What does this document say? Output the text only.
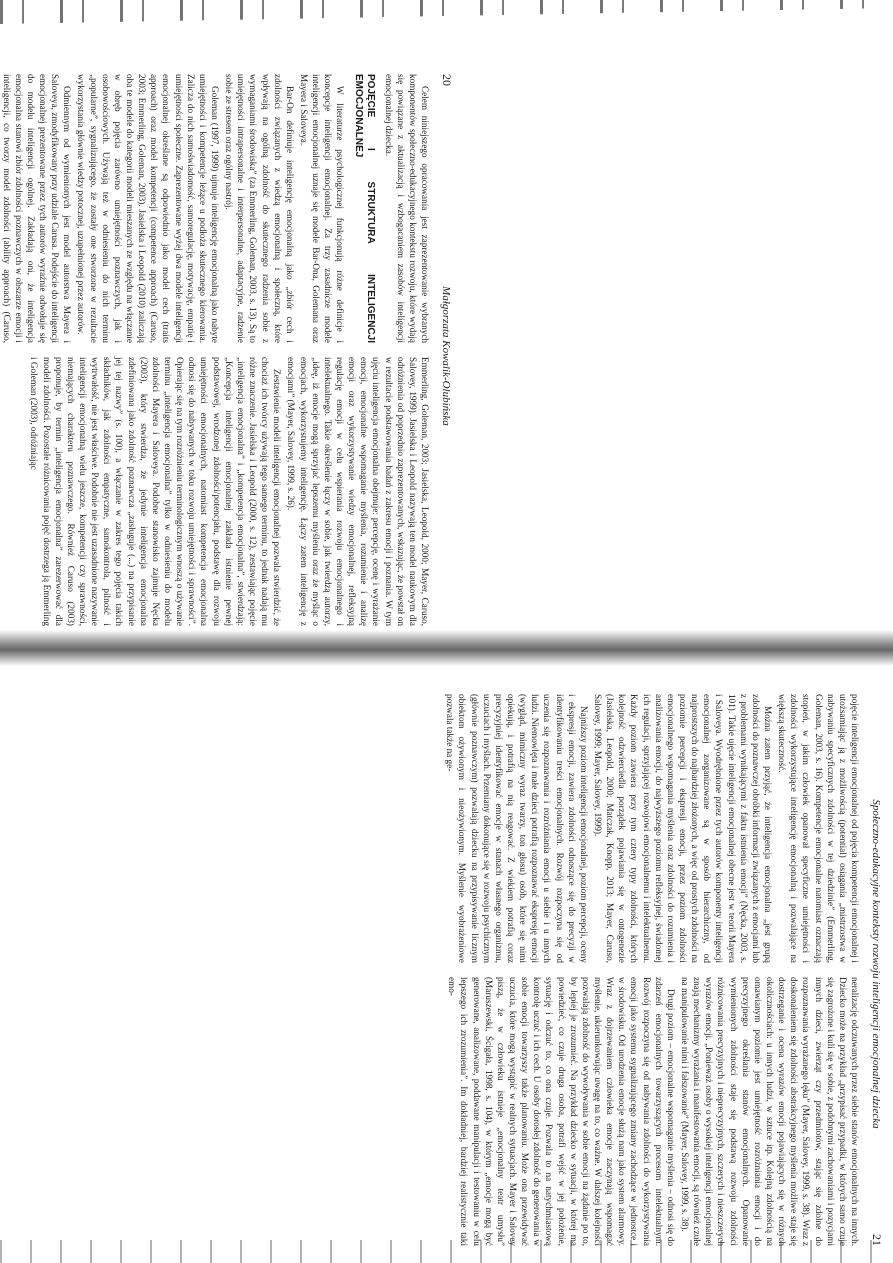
20
Małgorzata Kowalik-Olubińska

Celem niniejszego opracowania jest zaprezentowanie wybranych komponentów społeczno-edukacyjnego kontekstu rozwoju, które wydają się powiązane z aktualizacją i wzbogacaniem zasobów inteligencji emocjonalnej dziecka.

POJĘCIE I STRUKTURA INTELIGENCJI EMOCJONALNEJ

W literaturze psychologicznej funkcjonują różne definicje i koncepcje inteligencji emocjonalnej. Za trzy zasadnicze modele inteligencji emocjonalnej uznaje się modele Bar-Ona, Golemana oraz Mayera i Saloveya.

Bar-On definiuje inteligencję emocjonalną jako „zbiór cech i zdolności związanych z wiedzą emocjonalną i społeczną, które wpływają na ogólną zdolność do skutecznego radzenia sobie z wymaganiami środowiska” (za Emmerling, Goleman, 2003, s. 13). Są to umiejętności intrapersonalne i interpersonalne, adaptacyjne, radzenie sobie ze stresem oraz ogólny nastrój.

Goleman (1997, 1999) ujmuje inteligencję emocjonalną jako nabyte umiejętności i kompetencje leżące u podłoża skutecznego kierowania. Zalicza do nich samoświadomość, samoregulację, motywację, empatię i umiejętności społeczne. Zaprezentowane wyżej dwa modele inteligencji emocjonalnej określane są odpowiednio jako model cech (traits approach) oraz model kompetencji (competence approach) (Caruso, 2003; Emmerling, Goleman, 2003). Jasielska i Leopold (2010) zaliczają oba te modele do kategorii modeli mieszanych ze względu na włączanie w obręb pojęcia zarówno umiejętności poznawczych, jak i osobowościowych. Używają też w odniesieniu do nich terminu „popularne”, sygnalizującego, że zostały one stworzone w rezultacie wykorzystania głównie wiedzy potocznej, uzupełnionej przez autorów.

Odmiennym od wymienionych jest model autorstwa Mayera i Saloveya, zmodyfikowany przy udziale Carusa. Podejście do inteligencji emocjonalnej prezentowane przez tych autorów wyraźnie odwołuje się do modelu inteligencji ogólnej. Zakładają oni, że inteligencja emocjonalna stanowi zbiór zdolności poznawczych w obszarze emocji i inteligencji, co tworzy model zdolności (ability approach) (Caruso,

Emmerling, Goleman, 2003; Jasielska, Leopold, 2000; Mayer, Caruso, Salovey, 1999). Jasielska i Leopold nazywają ten model naukowym dla odróżnienia od poprzednio zaprezentowanych, wskazując, że powstał on w rezultacie podstawowania badań z zakresu emocji i poznania. W tym ujęciu inteligencja emocjonalna obejmuje: percepcję, ocenę i wyrażanie emocji, emocjonalne wspomaganie myślenia, rozumienie i analizę emocji oraz wykorzystywanie wiedzy emocjonalnej, refleksyjną regulację emocji w celu wspierania rozwoju emocjonalnego i intelektualnego. Takie określenie łączy w sobie, jak twierdzą autorzy, „ideę, iż emocje mogą sprzyjać lepszemu myśleniu oraz że myśląc o emocjach, wykorzystujemy inteligencję. Łączy zatem inteligencję z emocjami” (Mayer, Salovey, 1999, s. 26).

Zestawienie modeli inteligencji emocjonalnej pozwala stwierdzić, że chociaż ich twórcy używają tego samego terminu, to jednak nadają mu różne znaczenie. Jasielska i Leopold (2000, s. 12), zestawiając pojęcie „inteligencja emocjonalna” i „kompetencja emocjonalna”, stwierdzają: „Koncepcja inteligencji emocjonalnej zakłada istnienie pewnej podstawowej, wrodzonej zdolności/potencjału, podstawę dla rozwoju umiejętności emocjonalnych, natomiast kompetencja emocjonalna odnosi się do nabywanych w toku rozwoju umiejętności i sprawności”. Opierając się na tym rozróżnieniu terminologicznym wnoszą o używanie terminu „inteligencja emocjonalna” tylko w odniesieniu do modelu zdolności Mayera i Saloveya. Podobne stanowisko zajmuje Nęcka (2003), który stwierdza, że jedynie inteligencja emocjonalna zdefiniowana jako zdolność poznawcza „zasługuje (...) na przypisanie jej tej nazwy” (s. 100), a włączanie w zakres tego pojęcia takich składników, jak zdolności empatyczne, samokontrola, pilność i wytrwałość, nie jest właściwe. Podobnie nie jest uzasadnione nazywanie inteligencji emocjonalną wielu jeszcze, kompetencji czy sprawności, niemających charakteru poznawczego. Również Caruso (2003) proponuje, by termin „inteligencja emocjonalna” zarezerwować dla modeli zdolności. Pozostałe różnicowania pojęć dostrzega ją Emmerling i Goleman (2003), odróżniając

Społeczno-edukacyjne konteksty rozwoju inteligencji emocjonalnej dziecka
21

pojęcie inteligencji emocjonalnej od pojęcia kompetencji emocjonalnej i utożsamiając ją z możliwością (potential) osiągania „mistrzostwa w nabywaniu specyficznych zdolności w tej dziedzinie” (Emmerling, Goleman, 2003, s. 16). Kompetencje emocjonalne natomiast oznaczają stopień, w jakim człowiek opanował specyficzne umiejętności i zdolności wykorzystujące inteligencję emocjonalną i pozwalające na większą skuteczność.

Można zatem przyjąć, że inteligencja emocjonalna „jest grupą zdolności do poznawczej obróbki informacji związanych z emocjami lub z problemami wynikającymi z faktu istnienia emocji” (Nęcka, 2003, s. 101). Takie ujęcie inteligencji emocjonalnej obecne jest w teorii Mayera i Saloveya. Wyodrębnione przez tych autorów komponenty inteligencji emocjonalnej zorganizowane są w sposób hierarchiczny, od najprostszych do najbardziej złożonych, a więc od prostych zdolności na poziomie percepcji i ekspresji emocji, przez poziom zdolności emocjonalnego wspomagania myślenia oraz zdolności do rozumienia i analizowania emocji, do najwyższego poziomu refleksyjnej, świadomej ich regulacji, sprzyjającej rozwojowi emocjonalnemu i intelektualnemu. Każdy poziom zawiera przy tym cztery typy zdolności, których kolejność odzwierciedla porządek pojawiania się w ontogenezie (Jasielska, Leopold, 2000; Matczak, Knopp, 2013; Mayer, Caruso, Salovey, 1999; Mayer, Salovey, 1999).

Najniższy poziom inteligencji emocjonalnej, poziom percepcji, oceny i ekspresji emocji, zawiera zdolności odnoszące się do precyzji w identyfikowaniu treści emocjonalnych. Rozwój rozpoczyna się od uczenia się rozpoznawania i rozróżniania emocji u siebie i u innych ludzi. Niemowlęta i małe dzieci potrafią rozpoznawać ekspresję emocji (wygląd, mimiczny wyraz twarzy, ton głosu) osób, które się nimi opiekują, i potrafią na nią reagować. Z wiekiem potrafią coraz precyzyjniej identyfikować emocje w stanach własnego organizmu, uczuciach i myślach. Przemiany dokonujące się w rozwoju psychicznym (głównie poznawczym) pozwalają dziecku na przypisywanie licznym obiektom ożywionym i nieożywionym. Myślenie wyobrażeniowe pozwala także na ge-

neralizację odczuwanych przez siebie stanów emocjonalnych na innych. Dziecko może na przykład „przypisać przypadki, w których samo czuje się zagrożone i kuli się w sobie, z podobnymi zachowaniami i pozycjami innych dzieci, zwierząt czy przedmiotów, stając się zdolne do rozpoznawania wyrażanego lęku” (Mayer, Salovey, 1999, s. 38). Wraz z doskonaleniem się zdolności abstrakcyjnego myślenia możliwe staje się dostrzeganie i ocena wyrazów emocji pojawiających się w różnych okolicznościach: u innych ludzi, w sztuce itp. Kolejną zdolnością na omawianym poziomie jest umiejętność rozróżniania emocji i do precyzyjnego określania stanów emocjonalnych. Opanowanie wymienionych zdolności staje się podstawą rozwoju zdolności różnicowania precyzyjnych i nieprecyzyjnych, szczerych i nieszczerych wyrazów emocji. „Ponieważ osoby o wysokiej inteligencji emocjonalnej znają mechanizmy wyrażania i manifestowania emocji, są również czułe na manipulowanie nimi i fałszowanie” (Mayer, Salovey, 1999, s. 38).

Drugi poziom – emocjonalne wspomaganie myślenia – odnosi się do zdarzeń emocjonalnych towarzyszących procesom intelektualnym. Rozwój rozpoczyna się od nabywania zdolności do wykorzystywania emocji jako systemu sygnalizującego zmiany zachodzące w jednostce i w środowisku. Od urodzenia emocje służą nam jako system alarmowy. Wraz z dojrzewaniem człowieka emocje zaczynają wspomagać myślenie, ukierunkowując uwagę na to, co ważne. W dalszej kolejności pozwalają zdolność do wywoływania w sobie emocji na żądanie po to, by lepiej je zrozumieć. Na przykład dziecko w sytuacji, w której ma powiedzieć, co czuje druga osoba, potrafi wejść w jej położenie, sytuację i odczuć to, co ona czuje. Pozwala to na natychmiastową kontrolę uczuć i ich cech. U osoby dorosłej zdolność do generowania w sobie emocji towarzyszy także planowaniu. Może ona przewidywać uczucia, które mogą wystąpić w realnych sytuacjach. Mayer i Salovey piszą, że w człowieku istnieje „emocjonalny teatr umysłu” (Maruszewski, Ścigała, 1998, s. 104), w którym „emocje mogą być generowane, analizowane, poddawane manipulacji i testowaniu w celu lepszego ich zrozumienia”. Im dokładniej, bardziej realistycznie taki emo-
